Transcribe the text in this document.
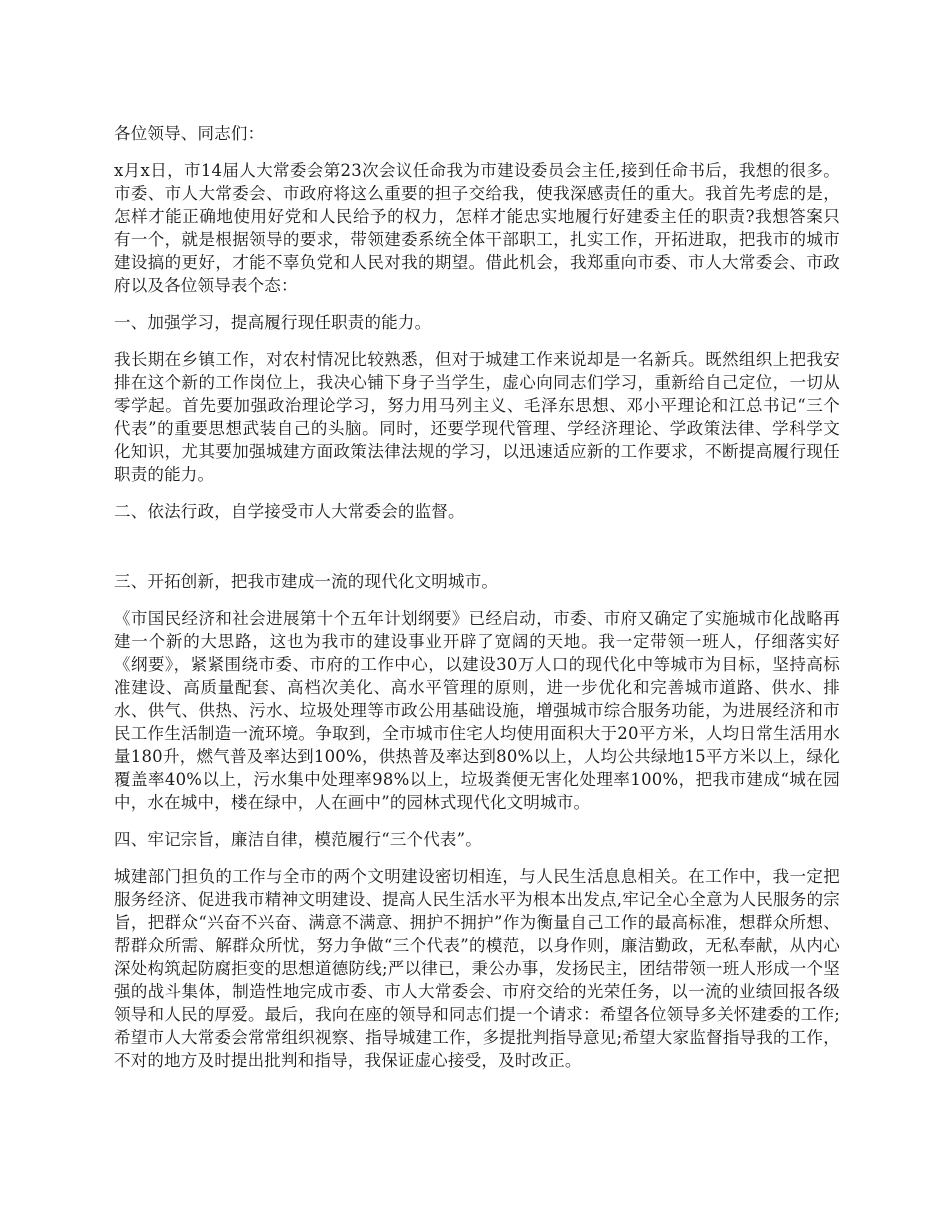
各位领导、同志们：

x月x日，市14届人大常委会第23次会议任命我为市建设委员会主任,接到任命书后，我想的很多。市委、市人大常委会、市政府将这么重要的担子交给我，使我深感责任的重大。我首先考虑的是，怎样才能正确地使用好党和人民给予的权力，怎样才能忠实地履行好建委主任的职责?我想答案只有一个，就是根据领导的要求，带领建委系统全体干部职工，扎实工作，开拓进取，把我市的城市建设搞的更好，才能不辜负党和人民对我的期望。借此机会，我郑重向市委、市人大常委会、市政府以及各位领导表个态：

一、加强学习，提高履行现任职责的能力。

我长期在乡镇工作，对农村情况比较熟悉，但对于城建工作来说却是一名新兵。既然组织上把我安排在这个新的工作岗位上，我决心铺下身子当学生，虚心向同志们学习，重新给自己定位，一切从零学起。首先要加强政治理论学习，努力用马列主义、毛泽东思想、邓小平理论和江总书记“三个代表”的重要思想武装自己的头脑。同时，还要学现代管理、学经济理论、学政策法律、学科学文化知识，尤其要加强城建方面政策法律法规的学习，以迅速适应新的工作要求，不断提高履行现任职责的能力。

二、依法行政，自学接受市人大常委会的监督。

三、开拓创新，把我市建成一流的现代化文明城市。

《市国民经济和社会进展第十个五年计划纲要》已经启动，市委、市府又确定了实施城市化战略再建一个新的大思路，这也为我市的建设事业开辟了宽阔的天地。我一定带领一班人，仔细落实好《纲要》，紧紧围绕市委、市府的工作中心，以建设30万人口的现代化中等城市为目标，坚持高标准建设、高质量配套、高档次美化、高水平管理的原则，进一步优化和完善城市道路、供水、排水、供气、供热、污水、垃圾处理等市政公用基础设施，增强城市综合服务功能，为进展经济和市民工作生活制造一流环境。争取到，全市城市住宅人均使用面积大于20平方米，人均日常生活用水量180升，燃气普及率达到100%，供热普及率达到80%以上，人均公共绿地15平方米以上，绿化覆盖率40%以上，污水集中处理率98%以上，垃圾粪便无害化处理率100%，把我市建成“城在园中，水在城中，楼在绿中，人在画中”的园林式现代化文明城市。

四、牢记宗旨，廉洁自律，模范履行“三个代表”。

城建部门担负的工作与全市的两个文明建设密切相连，与人民生活息息相关。在工作中，我一定把服务经济、促进我市精神文明建设、提高人民生活水平为根本出发点,牢记全心全意为人民服务的宗旨，把群众“兴奋不兴奋、满意不满意、拥护不拥护”作为衡量自己工作的最高标准，想群众所想、帮群众所需、解群众所忧，努力争做“三个代表”的模范，以身作则，廉洁勤政，无私奉献，从内心深处构筑起防腐拒变的思想道德防线;严以律已，秉公办事，发扬民主，团结带领一班人形成一个坚强的战斗集体，制造性地完成市委、市人大常委会、市府交给的光荣任务，以一流的业绩回报各级领导和人民的厚爱。最后，我向在座的领导和同志们提一个请求：希望各位领导多关怀建委的工作;希望市人大常委会常常组织视察、指导城建工作，多提批判指导意见;希望大家监督指导我的工作，不对的地方及时提出批判和指导，我保证虚心接受，及时改正。
